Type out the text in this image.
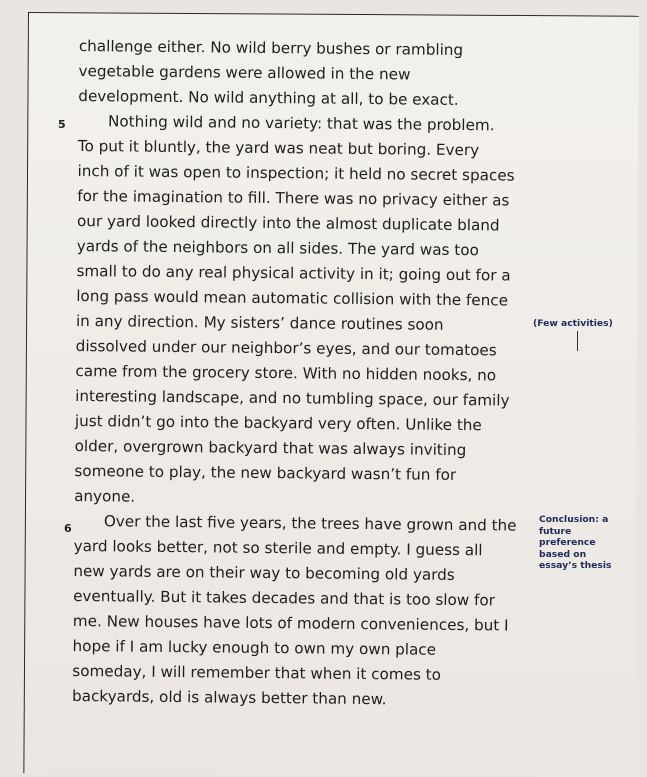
challenge either. No wild berry bushes or rambling
vegetable gardens were allowed in the new
development. No wild anything at all, to be exact.
Nothing wild and no variety: that was the problem.
To put it bluntly, the yard was neat but boring. Every
inch of it was open to inspection; it held no secret spaces
for the imagination to fill. There was no privacy either as
our yard looked directly into the almost duplicate bland
yards of the neighbors on all sides. The yard was too
small to do any real physical activity in it; going out for a
long pass would mean automatic collision with the fence
in any direction. My sisters’ dance routines soon
dissolved under our neighbor’s eyes, and our tomatoes
came from the grocery store. With no hidden nooks, no
interesting landscape, and no tumbling space, our family
just didn’t go into the backyard very often. Unlike the
older, overgrown backyard that was always inviting
someone to play, the new backyard wasn’t fun for
anyone.
Over the last five years, the trees have grown and the
yard looks better, not so sterile and empty. I guess all
new yards are on their way to becoming old yards
eventually. But it takes decades and that is too slow for
me. New houses have lots of modern conveniences, but I
hope if I am lucky enough to own my own place
someday, I will remember that when it comes to
backyards, old is always better than new.
5
6
(Few activities)
Conclusion: a
future
preference
based on
essay’s thesis
